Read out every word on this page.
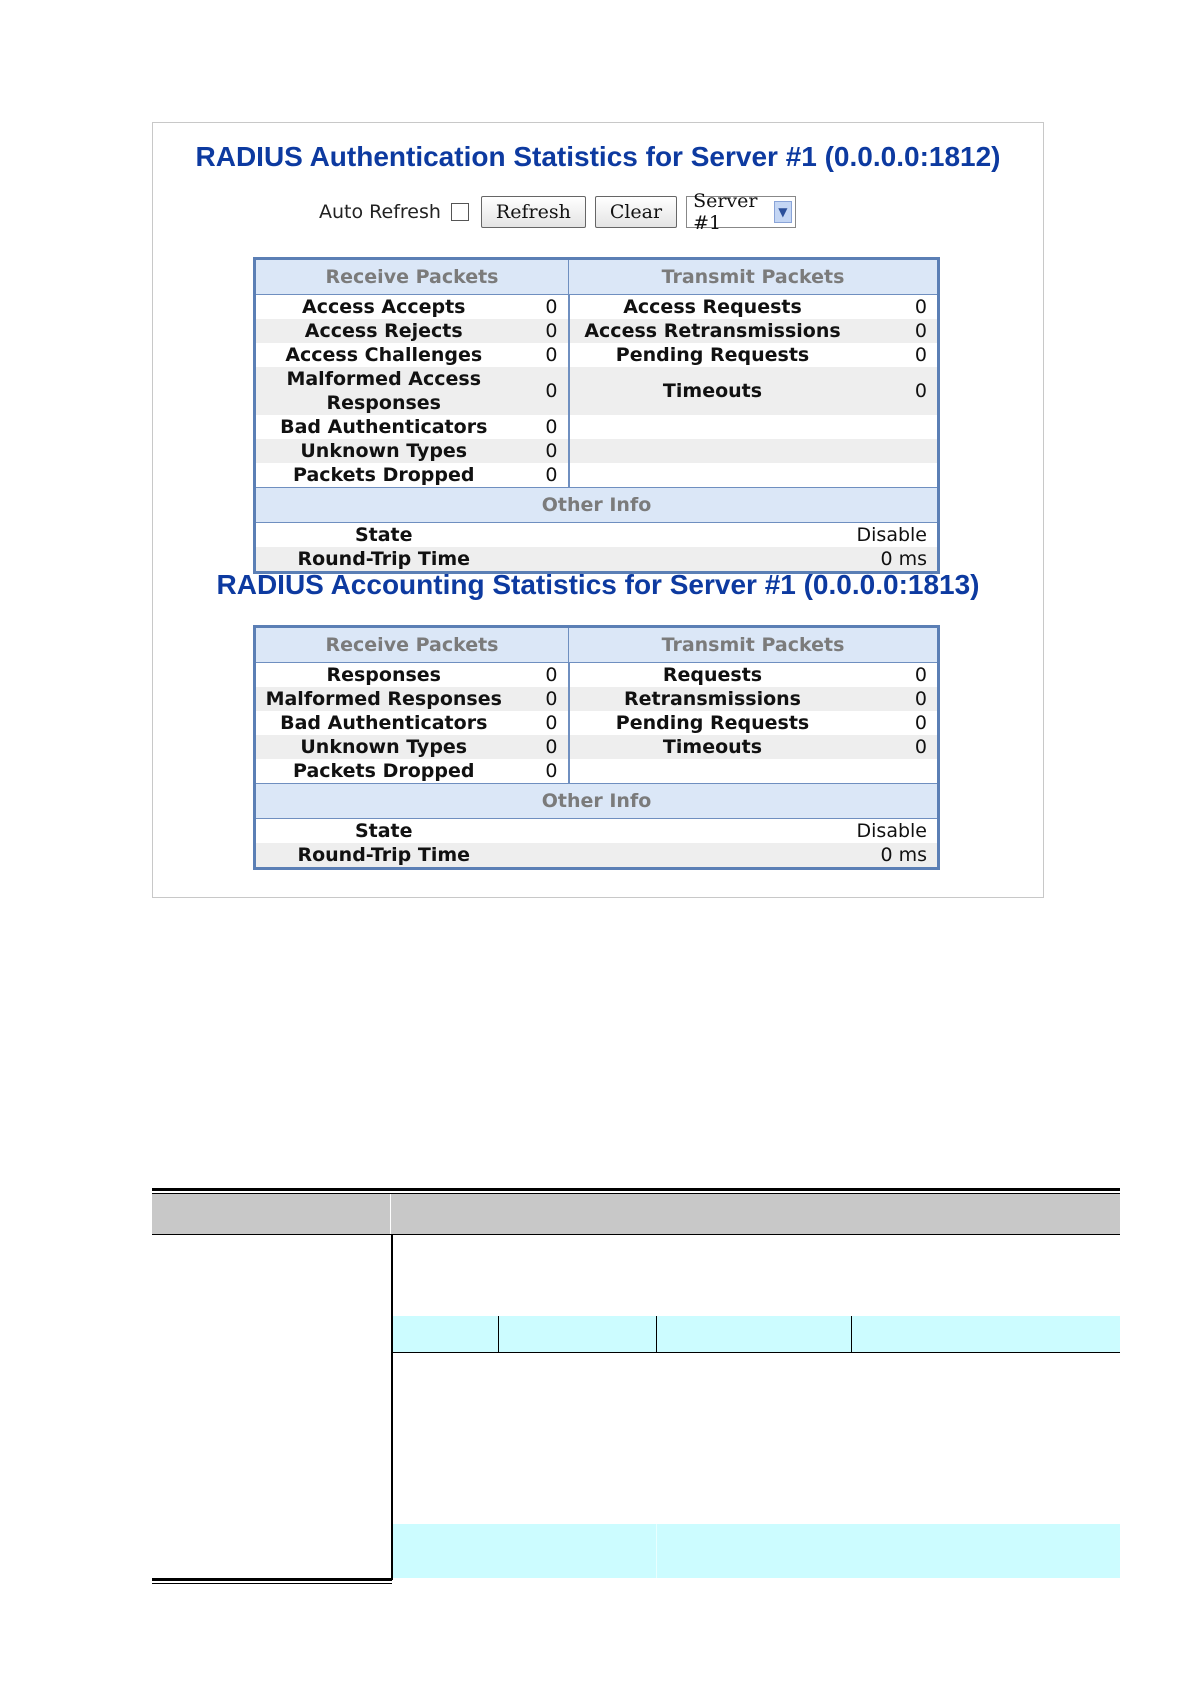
RADIUS Authentication Statistics for Server #1 (0.0.0.0:1812)
Auto Refresh	Refresh	Clear	Server #1	▼
Receive Packets		Transmit Packets	
Access Accepts	0	Access Requests	0
Access Rejects	0	Access Retransmissions	0
Access Challenges	0	Pending Requests	0
Malformed Access Responses	0	Timeouts	0
Bad Authenticators	0		
Unknown Types	0		
Packets Dropped	0		
Other Info			
State	Disable		
Round-Trip Time	0 ms		
RADIUS Accounting Statistics for Server #1 (0.0.0.0:1813)
Receive Packets		Transmit Packets	
Responses	0	Requests	0
Malformed Responses	0	Retransmissions	0
Bad Authenticators	0	Pending Requests	0
Unknown Types	0	Timeouts	0
Packets Dropped	0		
Other Info			
State	Disable		
Round-Trip Time	0 ms		
